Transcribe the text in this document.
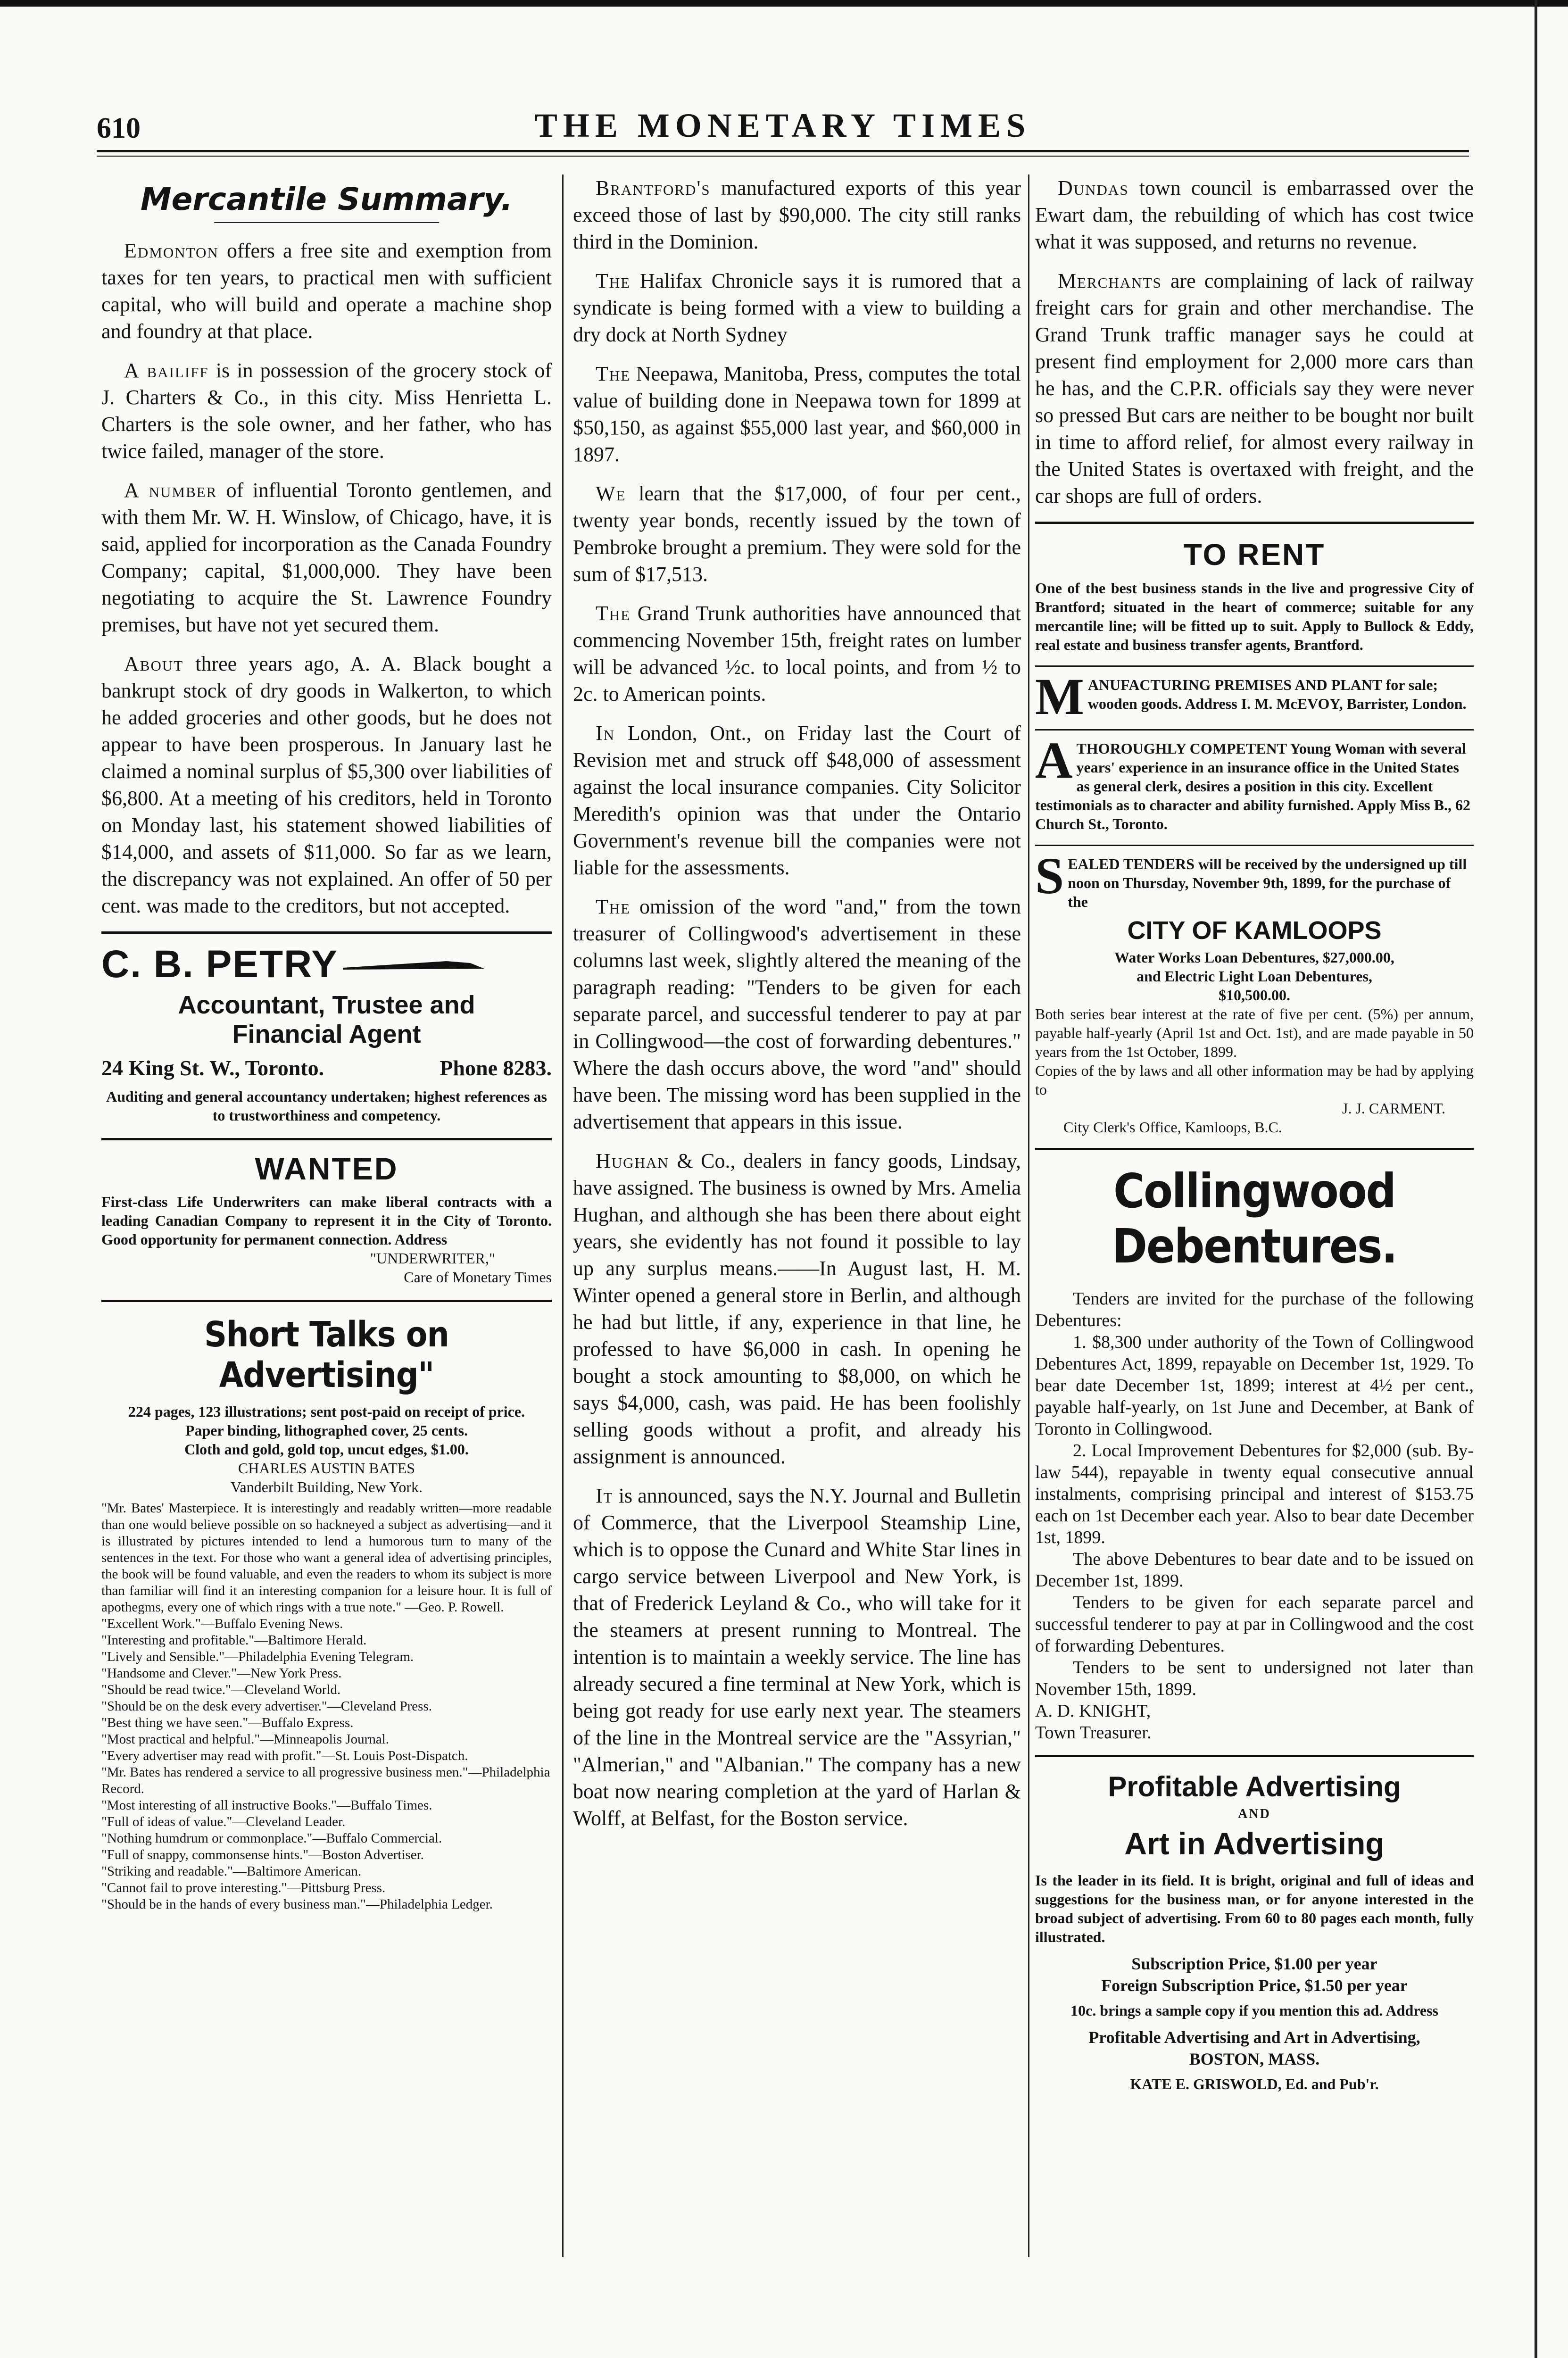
610	THE MONETARY TIMES
Mercantile Summary.

Edmonton offers a free site and exemption from taxes for ten years, to practical men with sufficient capital, who will build and operate a machine shop and foundry at that place.

A bailiff is in possession of the grocery stock of J. Charters & Co., in this city. Miss Henrietta L. Charters is the sole owner, and her father, who has twice failed, manager of the store.

A number of influential Toronto gentlemen, and with them Mr. W. H. Winslow, of Chicago, have, it is said, applied for incorporation as the Canada Foundry Company; capital, $1,000,000. They have been negotiating to acquire the St. Lawrence Foundry premises, but have not yet secured them.

About three years ago, A. A. Black bought a bankrupt stock of dry goods in Walkerton, to which he added groceries and other goods, but he does not appear to have been prosperous. In January last he claimed a nominal surplus of $5,300 over liabilities of $6,800. At a meeting of his creditors, held in Toronto on Monday last, his statement showed liabilities of $14,000, and assets of $11,000. So far as we learn, the discrepancy was not explained. An offer of 50 per cent. was made to the creditors, but not accepted.

C. B. PETRY
Accountant, Trustee and
Financial Agent
24 King St. W., Toronto.	Phone 8283.
Auditing and general accountancy undertaken; highest references as to trustworthiness and competency.
WANTED
First-class Life Underwriters can make liberal contracts with a leading Canadian Company to represent it in the City of Toronto. Good opportunity for permanent connection. Address
"UNDERWRITER,"
Care of Monetary Times
Short Talks on Advertising"
224 pages, 123 illustrations; sent post-paid on receipt of price.
Paper binding, lithographed cover, 25 cents.
Cloth and gold, gold top, uncut edges, $1.00.
CHARLES AUSTIN BATES
Vanderbilt Building, New York.
"Mr. Bates' Masterpiece. It is interestingly and readably written—more readable than one would believe possible on so hackneyed a subject as advertising—and it is illustrated by pictures intended to lend a humorous turn to many of the sentences in the text. For those who want a general idea of advertising principles, the book will be found valuable, and even the readers to whom its subject is more than familiar will find it an interesting companion for a leisure hour. It is full of apothegms, every one of which rings with a true note." —Geo. P. Rowell.
"Excellent Work."—Buffalo Evening News.
"Interesting and profitable."—Baltimore Herald.
"Lively and Sensible."—Philadelphia Evening Telegram.
"Handsome and Clever."—New York Press.
"Should be read twice."—Cleveland World.
"Should be on the desk every advertiser."—Cleveland Press.
"Best thing we have seen."—Buffalo Express.
"Most practical and helpful."—Minneapolis Journal.
"Every advertiser may read with profit."—St. Louis Post-Dispatch.
"Mr. Bates has rendered a service to all progressive business men."—Philadelphia Record.
"Most interesting of all instructive Books."—Buffalo Times.
"Full of ideas of value."—Cleveland Leader.
"Nothing humdrum or commonplace."—Buffalo Commercial.
"Full of snappy, commonsense hints."—Boston Advertiser.
"Striking and readable."—Baltimore American.
"Cannot fail to prove interesting."—Pittsburg Press.
"Should be in the hands of every business man."—Philadelphia Ledger.

Brantford's manufactured exports of this year exceed those of last by $90,000. The city still ranks third in the Dominion.

The Halifax Chronicle says it is rumored that a syndicate is being formed with a view to building a dry dock at North Sydney

The Neepawa, Manitoba, Press, computes the total value of building done in Neepawa town for 1899 at $50,150, as against $55,000 last year, and $60,000 in 1897.

We learn that the $17,000, of four per cent., twenty year bonds, recently issued by the town of Pembroke brought a premium. They were sold for the sum of $17,513.

The Grand Trunk authorities have announced that commencing November 15th, freight rates on lumber will be advanced ½c. to local points, and from ½ to 2c. to American points.

In London, Ont., on Friday last the Court of Revision met and struck off $48,000 of assessment against the local insurance companies. City Solicitor Meredith's opinion was that under the Ontario Government's revenue bill the companies were not liable for the assessments.

The omission of the word "and," from the town treasurer of Collingwood's advertisement in these columns last week, slightly altered the meaning of the paragraph reading: "Tenders to be given for each separate parcel, and successful tenderer to pay at par in Collingwood—the cost of forwarding debentures." Where the dash occurs above, the word "and" should have been. The missing word has been supplied in the advertisement that appears in this issue.

Hughan & Co., dealers in fancy goods, Lindsay, have assigned. The business is owned by Mrs. Amelia Hughan, and although she has been there about eight years, she evidently has not found it possible to lay up any surplus means.——In August last, H. M. Winter opened a general store in Berlin, and although he had but little, if any, experience in that line, he professed to have $6,000 in cash. In opening he bought a stock amounting to $8,000, on which he says $4,000, cash, was paid. He has been foolishly selling goods without a profit, and already his assignment is announced.

It is announced, says the N.Y. Journal and Bulletin of Commerce, that the Liverpool Steamship Line, which is to oppose the Cunard and White Star lines in cargo service between Liverpool and New York, is that of Frederick Leyland & Co., who will take for it the steamers at present running to Montreal. The intention is to maintain a weekly service. The line has already secured a fine terminal at New York, which is being got ready for use early next year. The steamers of the line in the Montreal service are the "Assyrian," "Almerian," and "Albanian." The company has a new boat now nearing completion at the yard of Harlan & Wolff, at Belfast, for the Boston service.

Dundas town council is embarrassed over the Ewart dam, the rebuilding of which has cost twice what it was supposed, and returns no revenue.

Merchants are complaining of lack of railway freight cars for grain and other merchandise. The Grand Trunk traffic manager says he could at present find employment for 2,000 more cars than he has, and the C.P.R. officials say they were never so pressed But cars are neither to be bought nor built in time to afford relief, for almost every railway in the United States is overtaxed with freight, and the car shops are full of orders.

TO RENT
One of the best business stands in the live and progressive City of Brantford; situated in the heart of commerce; suitable for any mercantile line; will be fitted up to suit. Apply to Bullock & Eddy, real estate and business transfer agents, Brantford.
M ANUFACTURING PREMISES AND PLANT for sale; wooden goods. Address I. M. McEVOY, Barrister, London.
A THOROUGHLY COMPETENT Young Woman with several years' experience in an insurance office in the United States as general clerk, desires a position in this city. Excellent testimonials as to character and ability furnished. Apply Miss B., 62 Church St., Toronto.
S EALED TENDERS will be received by the undersigned up till noon on Thursday, November 9th, 1899, for the purchase of the
CITY OF KAMLOOPS
Water Works Loan Debentures, $27,000.00,
and Electric Light Loan Debentures,
$10,500.00.
Both series bear interest at the rate of five per cent. (5%) per annum, payable half-yearly (April 1st and Oct. 1st), and are made payable in 50 years from the 1st October, 1899.
Copies of the by laws and all other information may be had by applying to
J. J. CARMENT.
City Clerk's Office, Kamloops, B.C.
Collingwood Debentures.
Tenders are invited for the purchase of the following Debentures:
1. $8,300 under authority of the Town of Collingwood Debentures Act, 1899, repayable on December 1st, 1929. To bear date December 1st, 1899; interest at 4½ per cent., payable half-yearly, on 1st June and December, at Bank of Toronto in Collingwood.
2. Local Improvement Debentures for $2,000 (sub. By-law 544), repayable in twenty equal consecutive annual instalments, comprising principal and interest of $153.75 each on 1st December each year. Also to bear date December 1st, 1899.
The above Debentures to bear date and to be issued on December 1st, 1899.
Tenders to be given for each separate parcel and successful tenderer to pay at par in Collingwood and the cost of forwarding Debentures.
Tenders to be sent to undersigned not later than November 15th, 1899.
A. D. KNIGHT,
Town Treasurer.
Profitable Advertising
AND
Art in Advertising
Is the leader in its field. It is bright, original and full of ideas and suggestions for the business man, or for anyone interested in the broad subject of advertising. From 60 to 80 pages each month, fully illustrated.
Subscription Price, $1.00 per year
Foreign Subscription Price, $1.50 per year
10c. brings a sample copy if you mention this ad. Address
Profitable Advertising and Art in Advertising,
BOSTON, MASS.
KATE E. GRISWOLD, Ed. and Pub'r.
